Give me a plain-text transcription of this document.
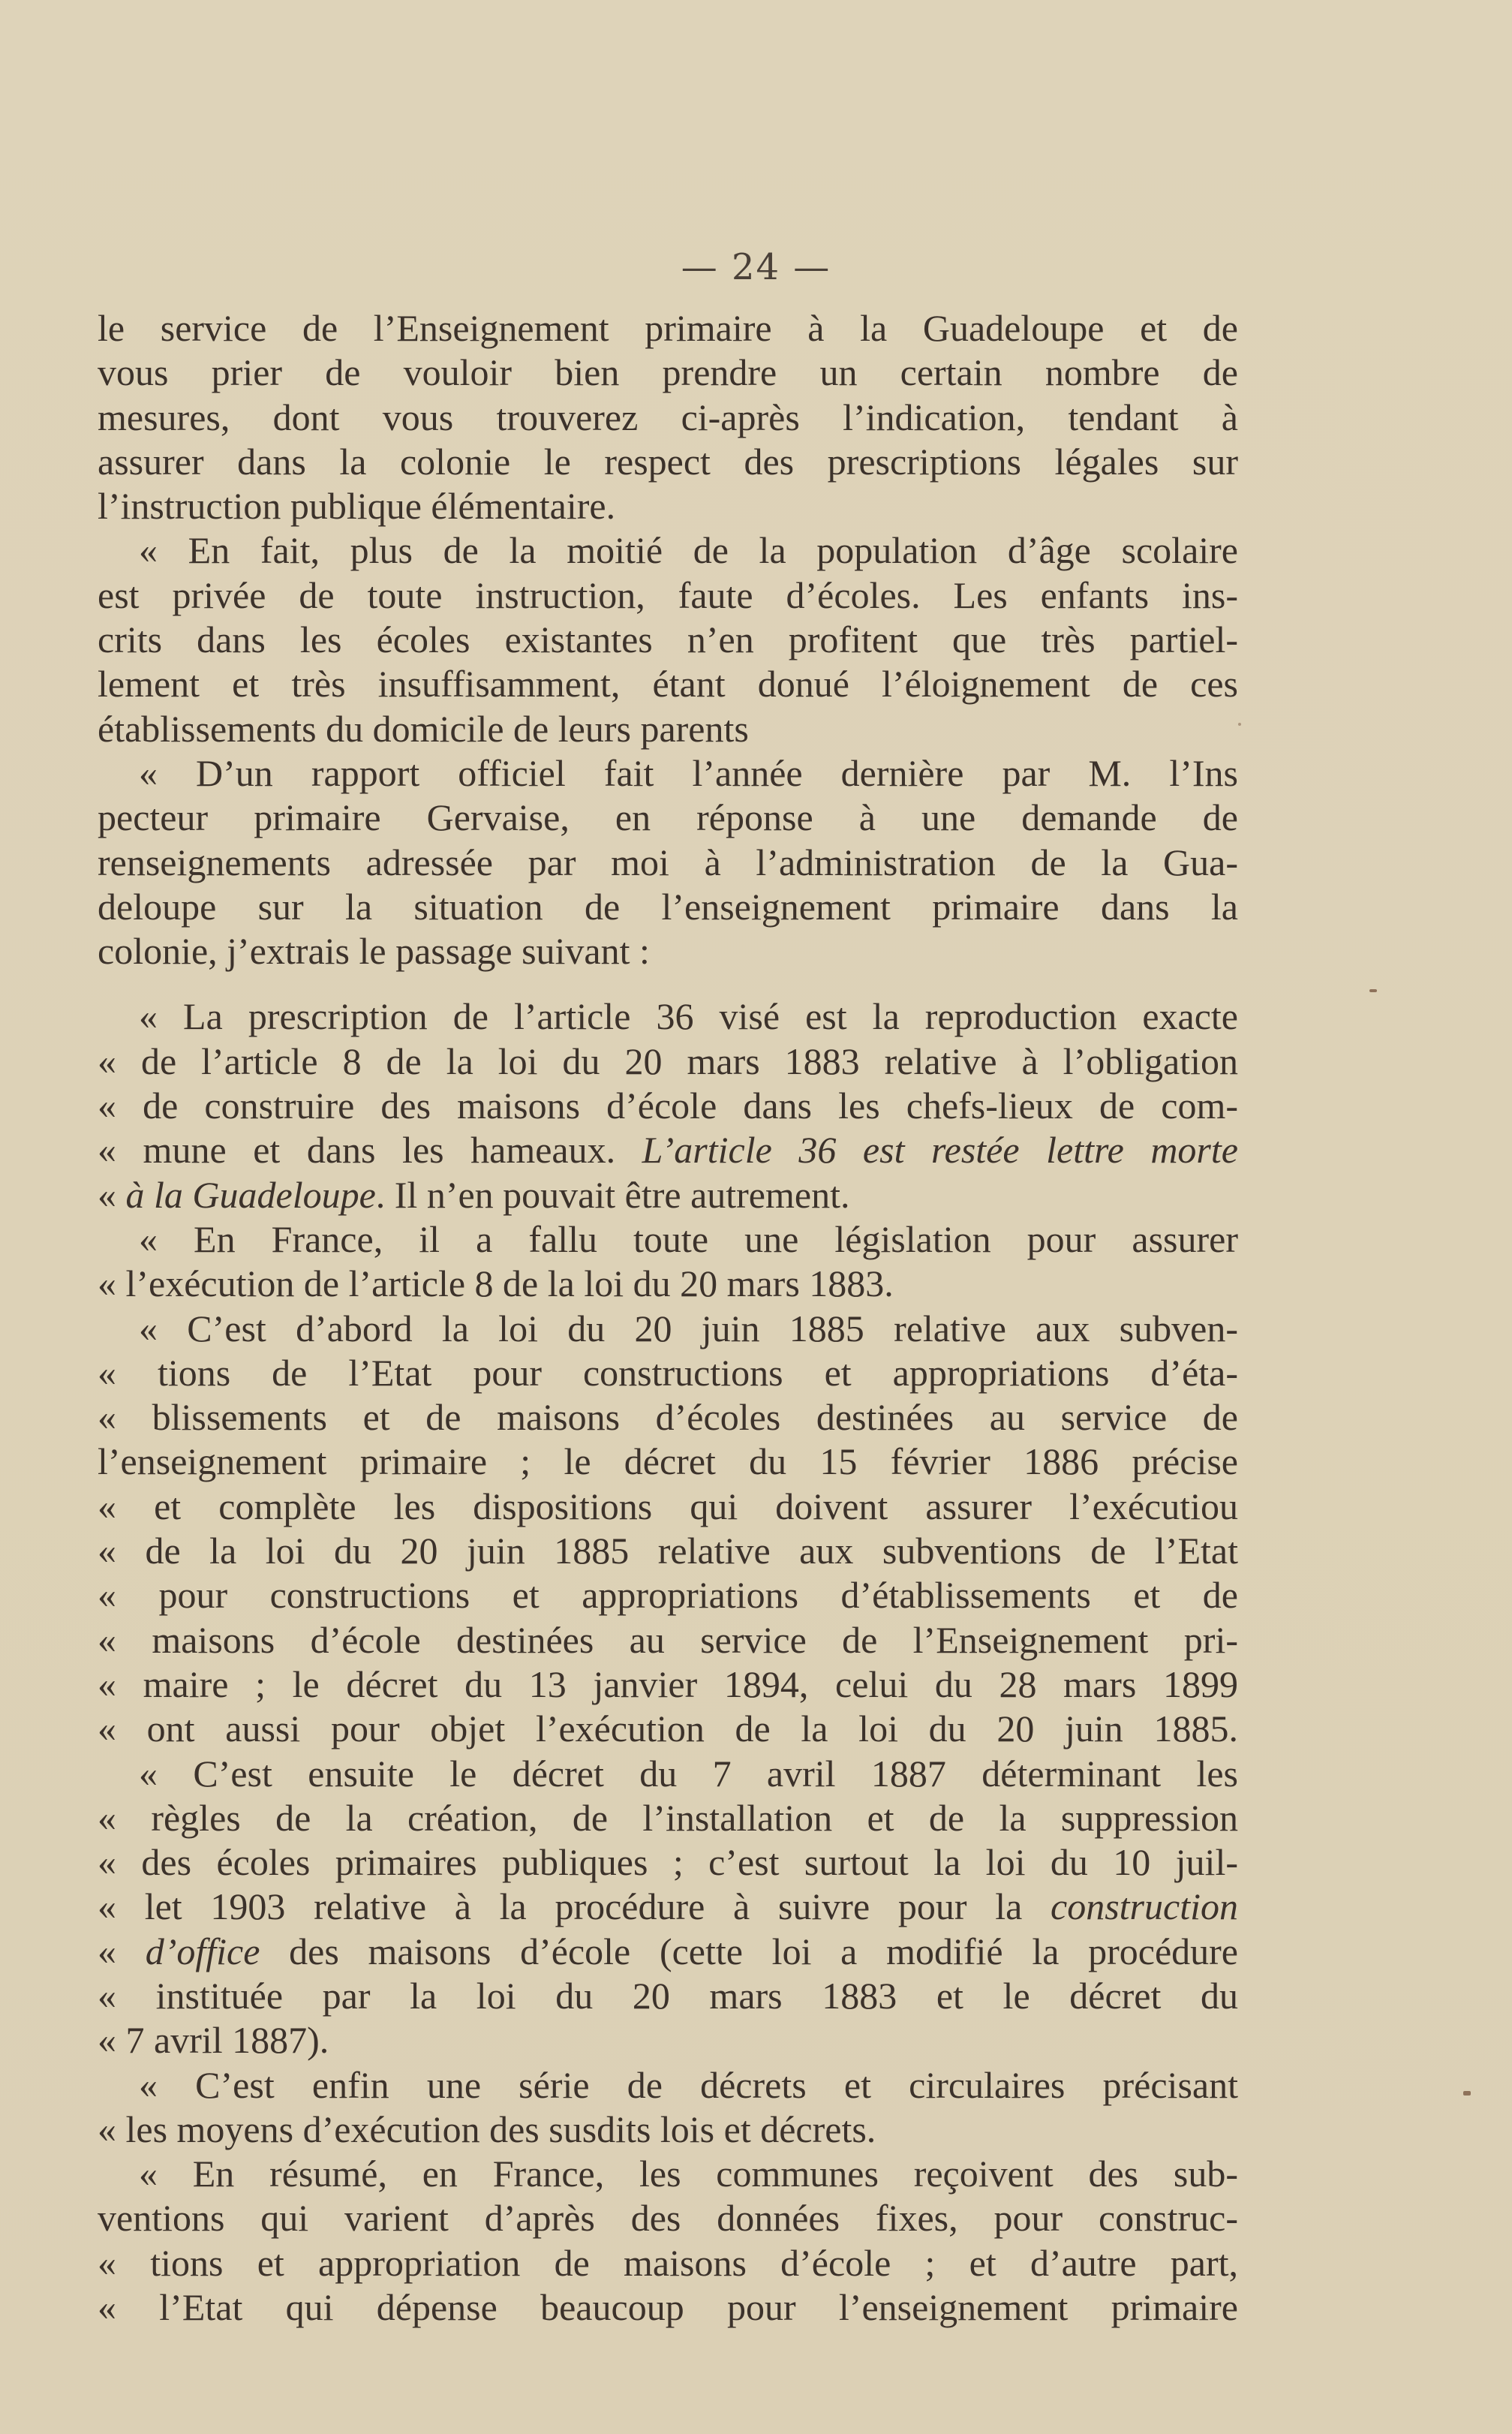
— 24 —
le service de l’Enseignement primaire à la Guadeloupe et de
vous prier de vouloir bien prendre un certain nombre de
mesures, dont vous trouverez ci-après l’indication, tendant à
assurer dans la colonie le respect des prescriptions légales sur
l’instruction publique élémentaire.
« En fait, plus de la moitié de la population d’âge scolaire
est privée de toute instruction, faute d’écoles. Les enfants ins-
crits dans les écoles existantes n’en profitent que très partiel-
lement et très insuffisamment, étant donué l’éloignement de ces
établissements du domicile de leurs parents
« D’un rapport officiel fait l’année dernière par M. l’Ins
pecteur primaire Gervaise, en réponse à une demande de
renseignements adressée par moi à l’administration de la Gua-
deloupe sur la situation de l’enseignement primaire dans la
colonie, j’extrais le passage suivant :
« La prescription de l’article 36 visé est la reproduction exacte
« de l’article 8 de la loi du 20 mars 1883 relative à l’obligation
« de construire des maisons d’école dans les chefs-lieux de com-
« mune et dans les hameaux. L’article 36 est restée lettre morte
« à la Guadeloupe. Il n’en pouvait être autrement.
« En France, il a fallu toute une législation pour assurer
« l’exécution de l’article 8 de la loi du 20 mars 1883.
« C’est d’abord la loi du 20 juin 1885 relative aux subven-
« tions de l’Etat pour constructions et appropriations d’éta-
« blissements et de maisons d’écoles destinées au service de
l’enseignement primaire ; le décret du 15 février 1886 précise
« et complète les dispositions qui doivent assurer l’exécutiou
« de la loi du 20 juin 1885 relative aux subventions de l’Etat
« pour constructions et appropriations d’établissements et de
« maisons d’école destinées au service de l’Enseignement pri-
« maire ; le décret du 13 janvier 1894, celui du 28 mars 1899
« ont aussi pour objet l’exécution de la loi du 20 juin 1885.
« C’est ensuite le décret du 7 avril 1887 déterminant les
« règles de la création, de l’installation et de la suppression
« des écoles primaires publiques ; c’est surtout la loi du 10 juil-
« let 1903 relative à la procédure à suivre pour la construction
« d’office des maisons d’école (cette loi a modifié la procédure
« instituée par la loi du 20 mars 1883 et le décret du
« 7 avril 1887).
« C’est enfin une série de décrets et circulaires précisant
« les moyens d’exécution des susdits lois et décrets.
« En résumé, en France, les communes reçoivent des sub-
ventions qui varient d’après des données fixes, pour construc-
« tions et appropriation de maisons d’école ; et d’autre part,
« l’Etat qui dépense beaucoup pour l’enseignement primaire
